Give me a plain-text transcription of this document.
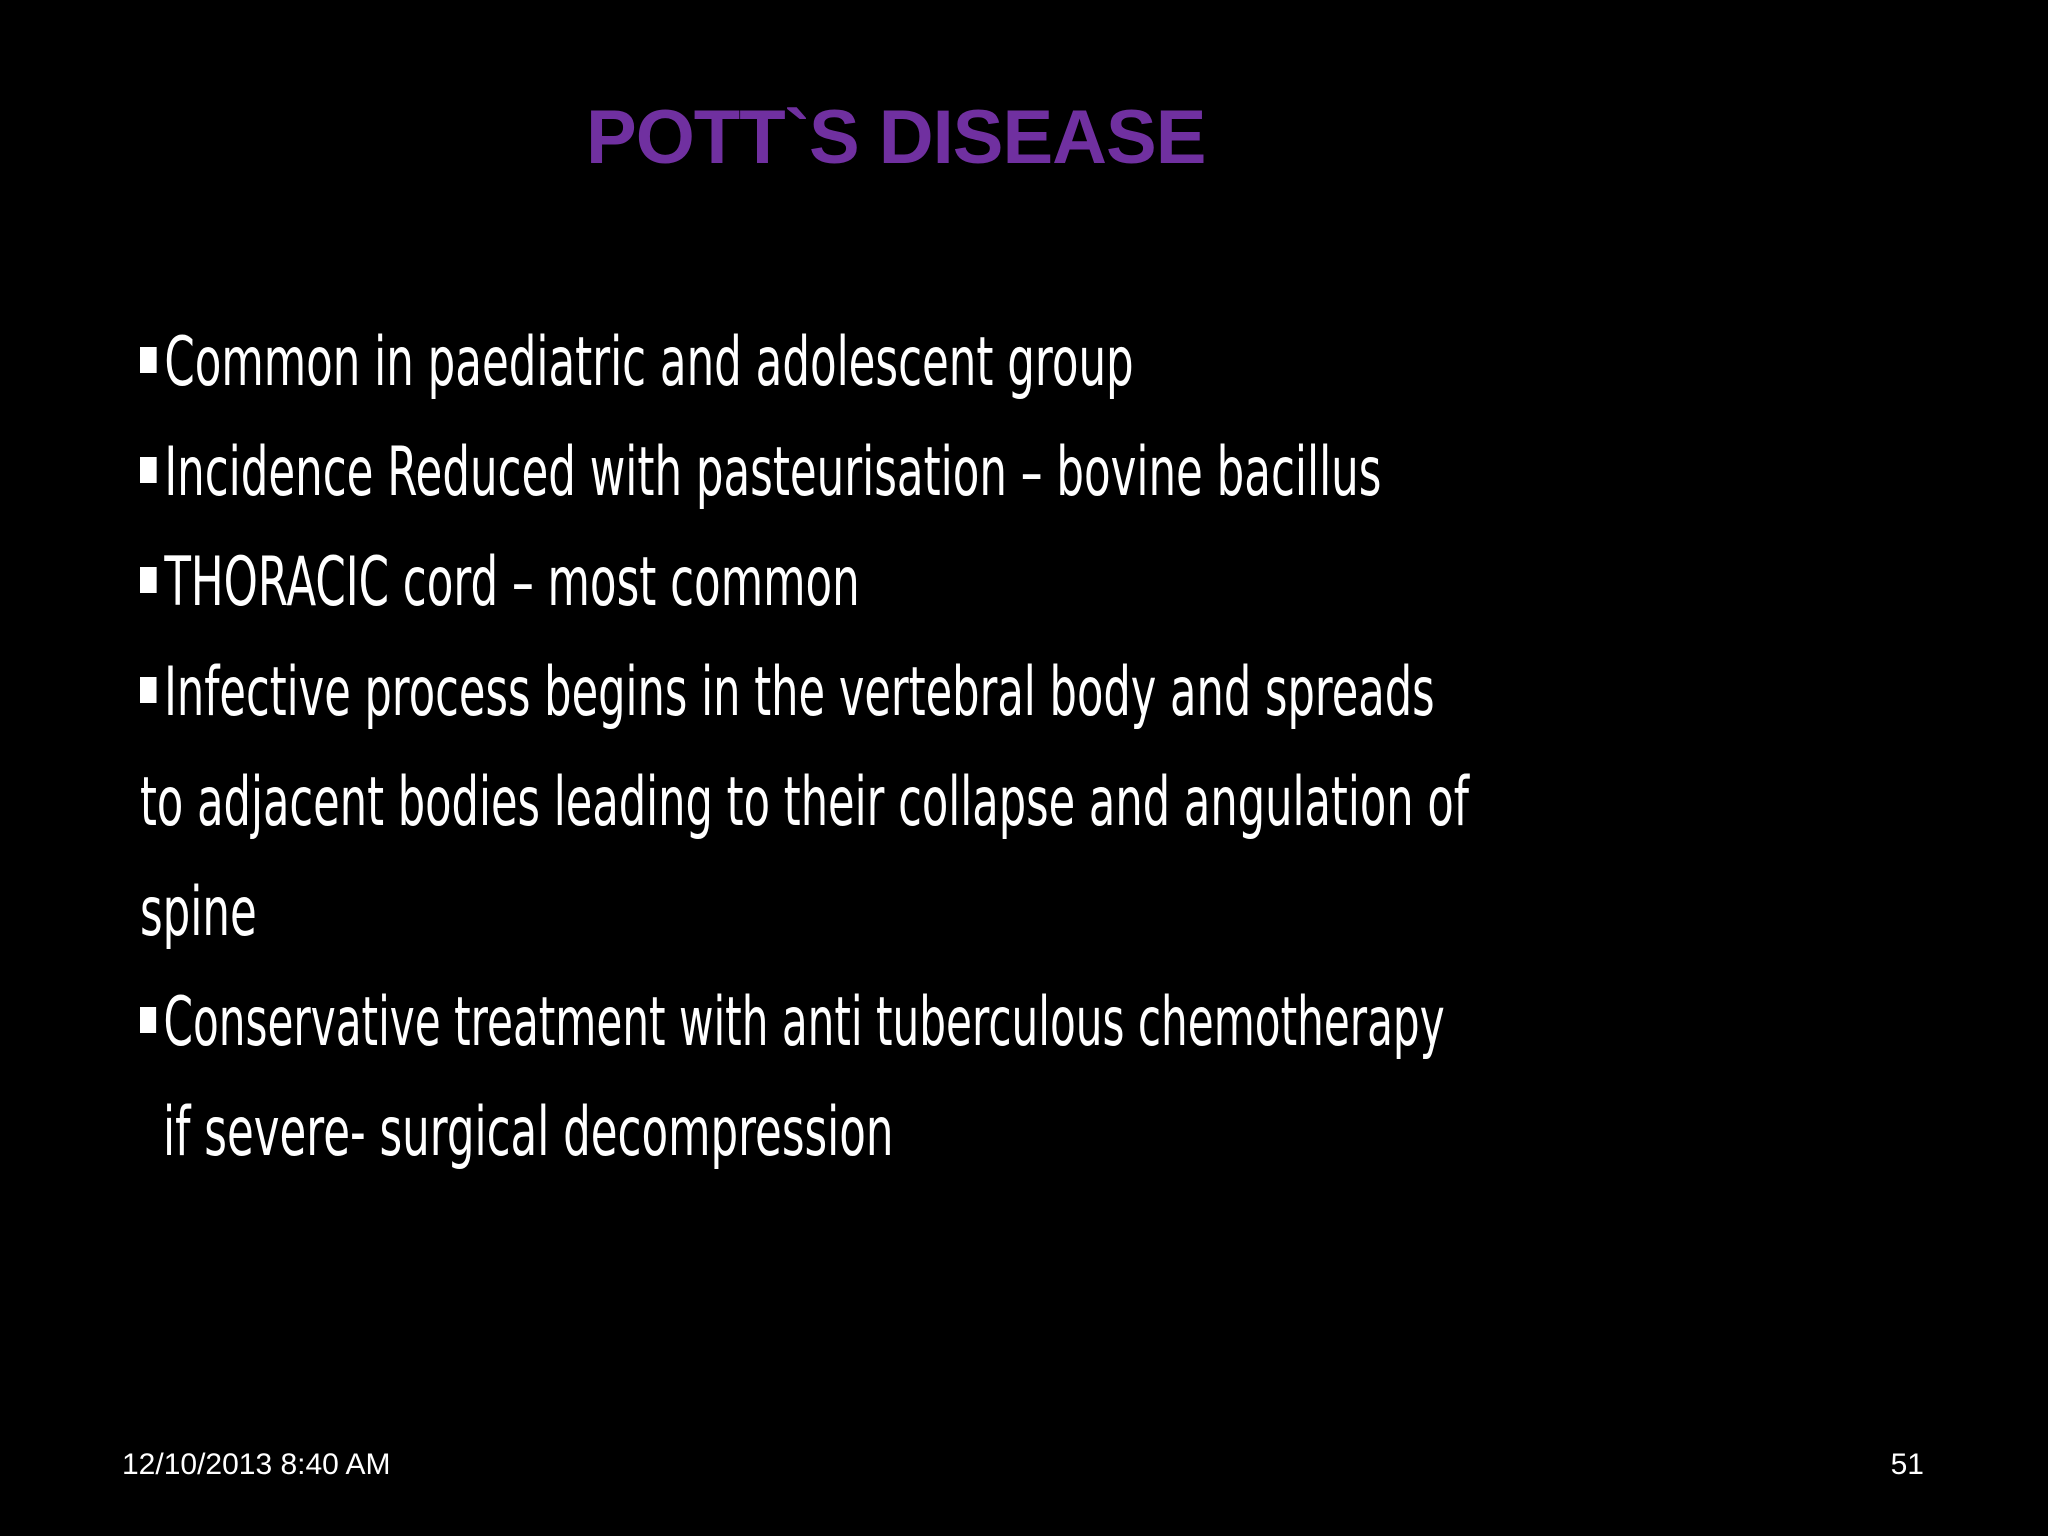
POTT`S DISEASE
Common in paediatric and adolescent group
Incidence Reduced with pasteurisation – bovine bacillus
THORACIC cord – most common
Infective process begins in the vertebral body and spreads
to adjacent bodies leading to their collapse and angulation of
spine
Conservative treatment with anti tuberculous chemotherapy
if severe- surgical decompression
12/10/2013 8:40 AM	51
